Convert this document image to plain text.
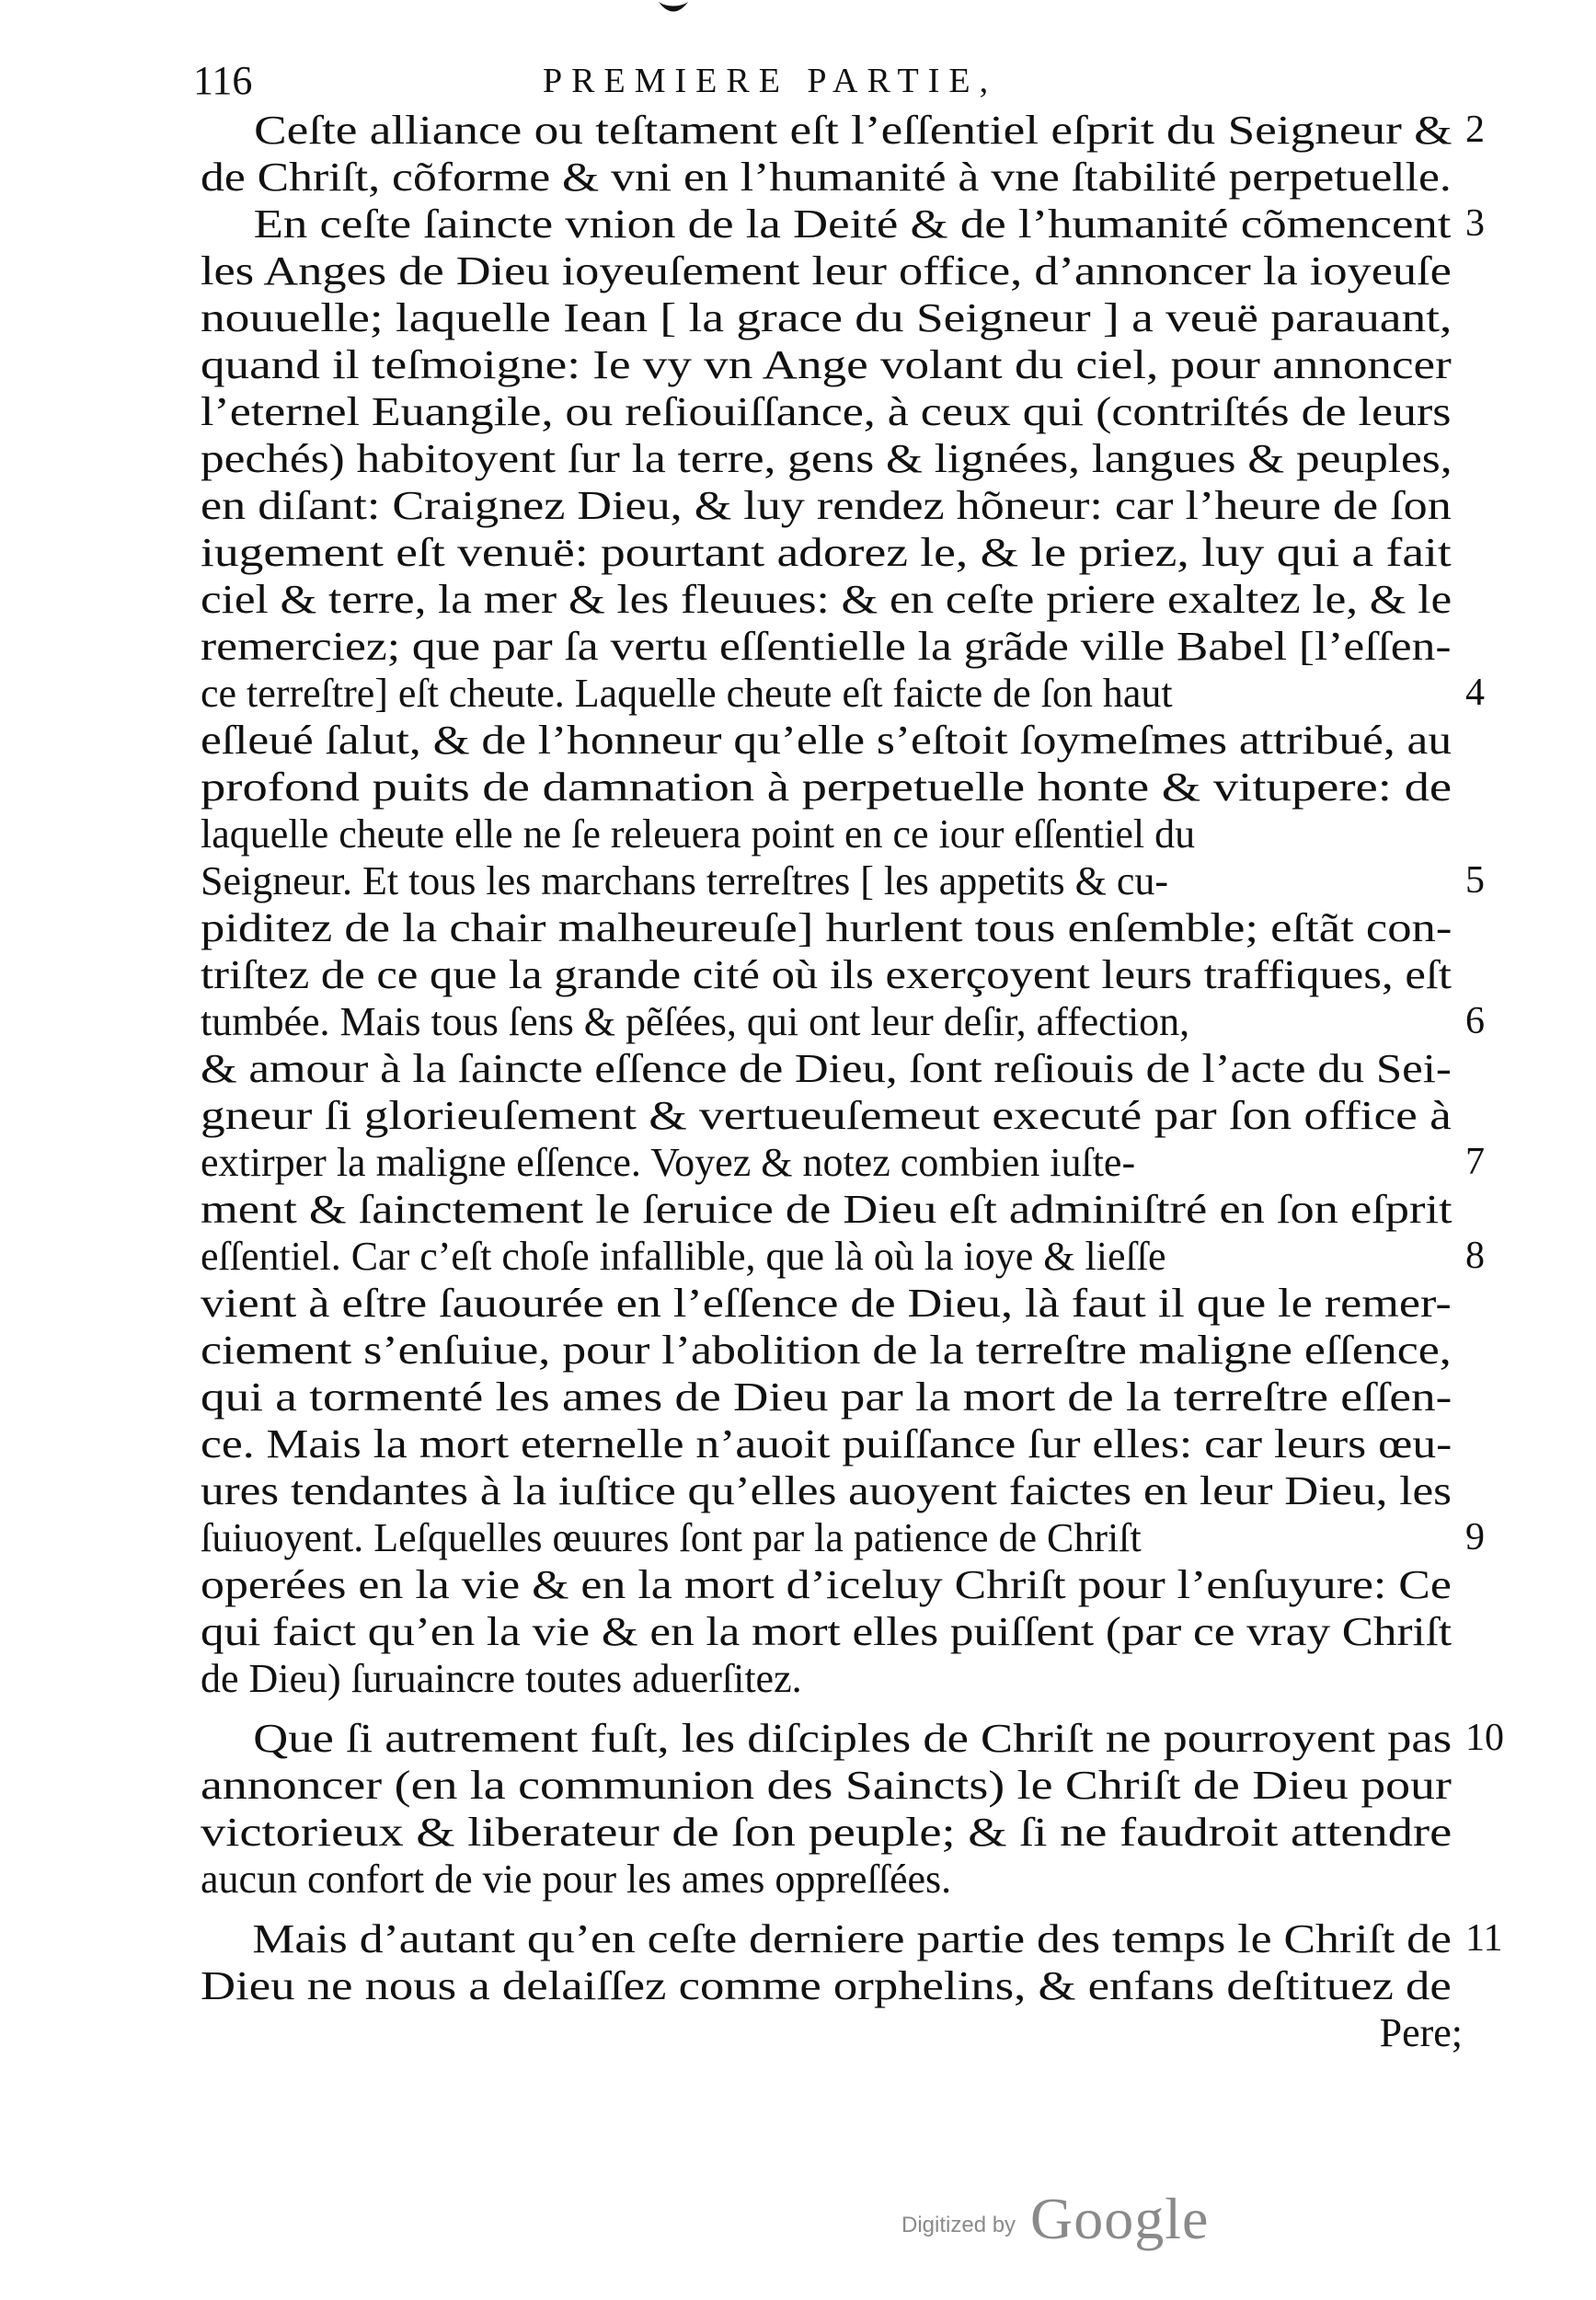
116	PREMIERE PARTIE,
Ceſte alliance ou teſtament eſt l’eſſentiel eſprit du Seigneur & 2
de Chriſt, cõforme & vni en l’humanité à vne ſtabilité perpetuelle.
En ceſte ſaincte vnion de la Deité & de l’humanité cõmencent 3
les Anges de Dieu ioyeuſement leur office, d’annoncer la ioyeuſe
nouuelle; laquelle Iean [ la grace du Seigneur ] a veuë parauant,
quand il teſmoigne: Ie vy vn Ange volant du ciel, pour annoncer
l’eternel Euangile, ou reſiouiſſance, à ceux qui (contriſtés de leurs
pechés) habitoyent ſur la terre, gens & lignées, langues & peuples,
en diſant: Craignez Dieu, & luy rendez hõneur: car l’heure de ſon
iugement eſt venuë: pourtant adorez le, & le priez, luy qui a fait
ciel & terre, la mer & les fleuues: & en ceſte priere exaltez le, & le
remerciez; que par ſa vertu eſſentielle la grãde ville Babel [l’eſſen-
ce terreſtre] eſt cheute. Laquelle cheute eſt faicte de ſon haut	4
eſleué ſalut, & de l’honneur qu’elle s’eſtoit ſoymeſmes attribué, au
profond puits de damnation à perpetuelle honte & vitupere: de
laquelle cheute elle ne ſe releuera point en ce iour eſſentiel du
Seigneur. Et tous les marchans terreſtres [ les appetits & cu-	5
piditez de la chair malheureuſe] hurlent tous enſemble; eſtãt con-
triſtez de ce que la grande cité où ils exerçoyent leurs traffiques, eſt
tumbée. Mais tous ſens & pẽſées, qui ont leur deſir, affection,	6
& amour à la ſaincte eſſence de Dieu, ſont reſiouis de l’acte du Sei-
gneur ſi glorieuſement & vertueuſemeut executé par ſon office à
extirper la maligne eſſence. Voyez & notez combien iuſte-	7
ment & ſainctement le ſeruice de Dieu eſt adminiſtré en ſon eſprit
eſſentiel. Car c’eſt choſe infallible, que là où la ioye & lieſſe	8
vient à eſtre ſauourée en l’eſſence de Dieu, là faut il que le remer-
ciement s’enſuiue, pour l’abolition de la terreſtre maligne eſſence,
qui a tormenté les ames de Dieu par la mort de la terreſtre eſſen-
ce. Mais la mort eternelle n’auoit puiſſance ſur elles: car leurs œu-
ures tendantes à la iuſtice qu’elles auoyent faictes en leur Dieu, les
ſuiuoyent. Leſquelles œuures ſont par la patience de Chriſt	9
operées en la vie & en la mort d’iceluy Chriſt pour l’enſuyure: Ce
qui faict qu’en la vie & en la mort elles puiſſent (par ce vray Chriſt
de Dieu) ſuruaincre toutes aduerſitez.
Que ſi autrement fuſt, les diſciples de Chriſt ne pourroyent pas 10
annoncer (en la communion des Saincts) le Chriſt de Dieu pour
victorieux & liberateur de ſon peuple; & ſi ne faudroit attendre
aucun confort de vie pour les ames oppreſſées.
Mais d’autant qu’en ceſte derniere partie des temps le Chriſt de 11
Dieu ne nous a delaiſſez comme orphelins, & enfans deſtituez de
Pere;
Digitized by Google
